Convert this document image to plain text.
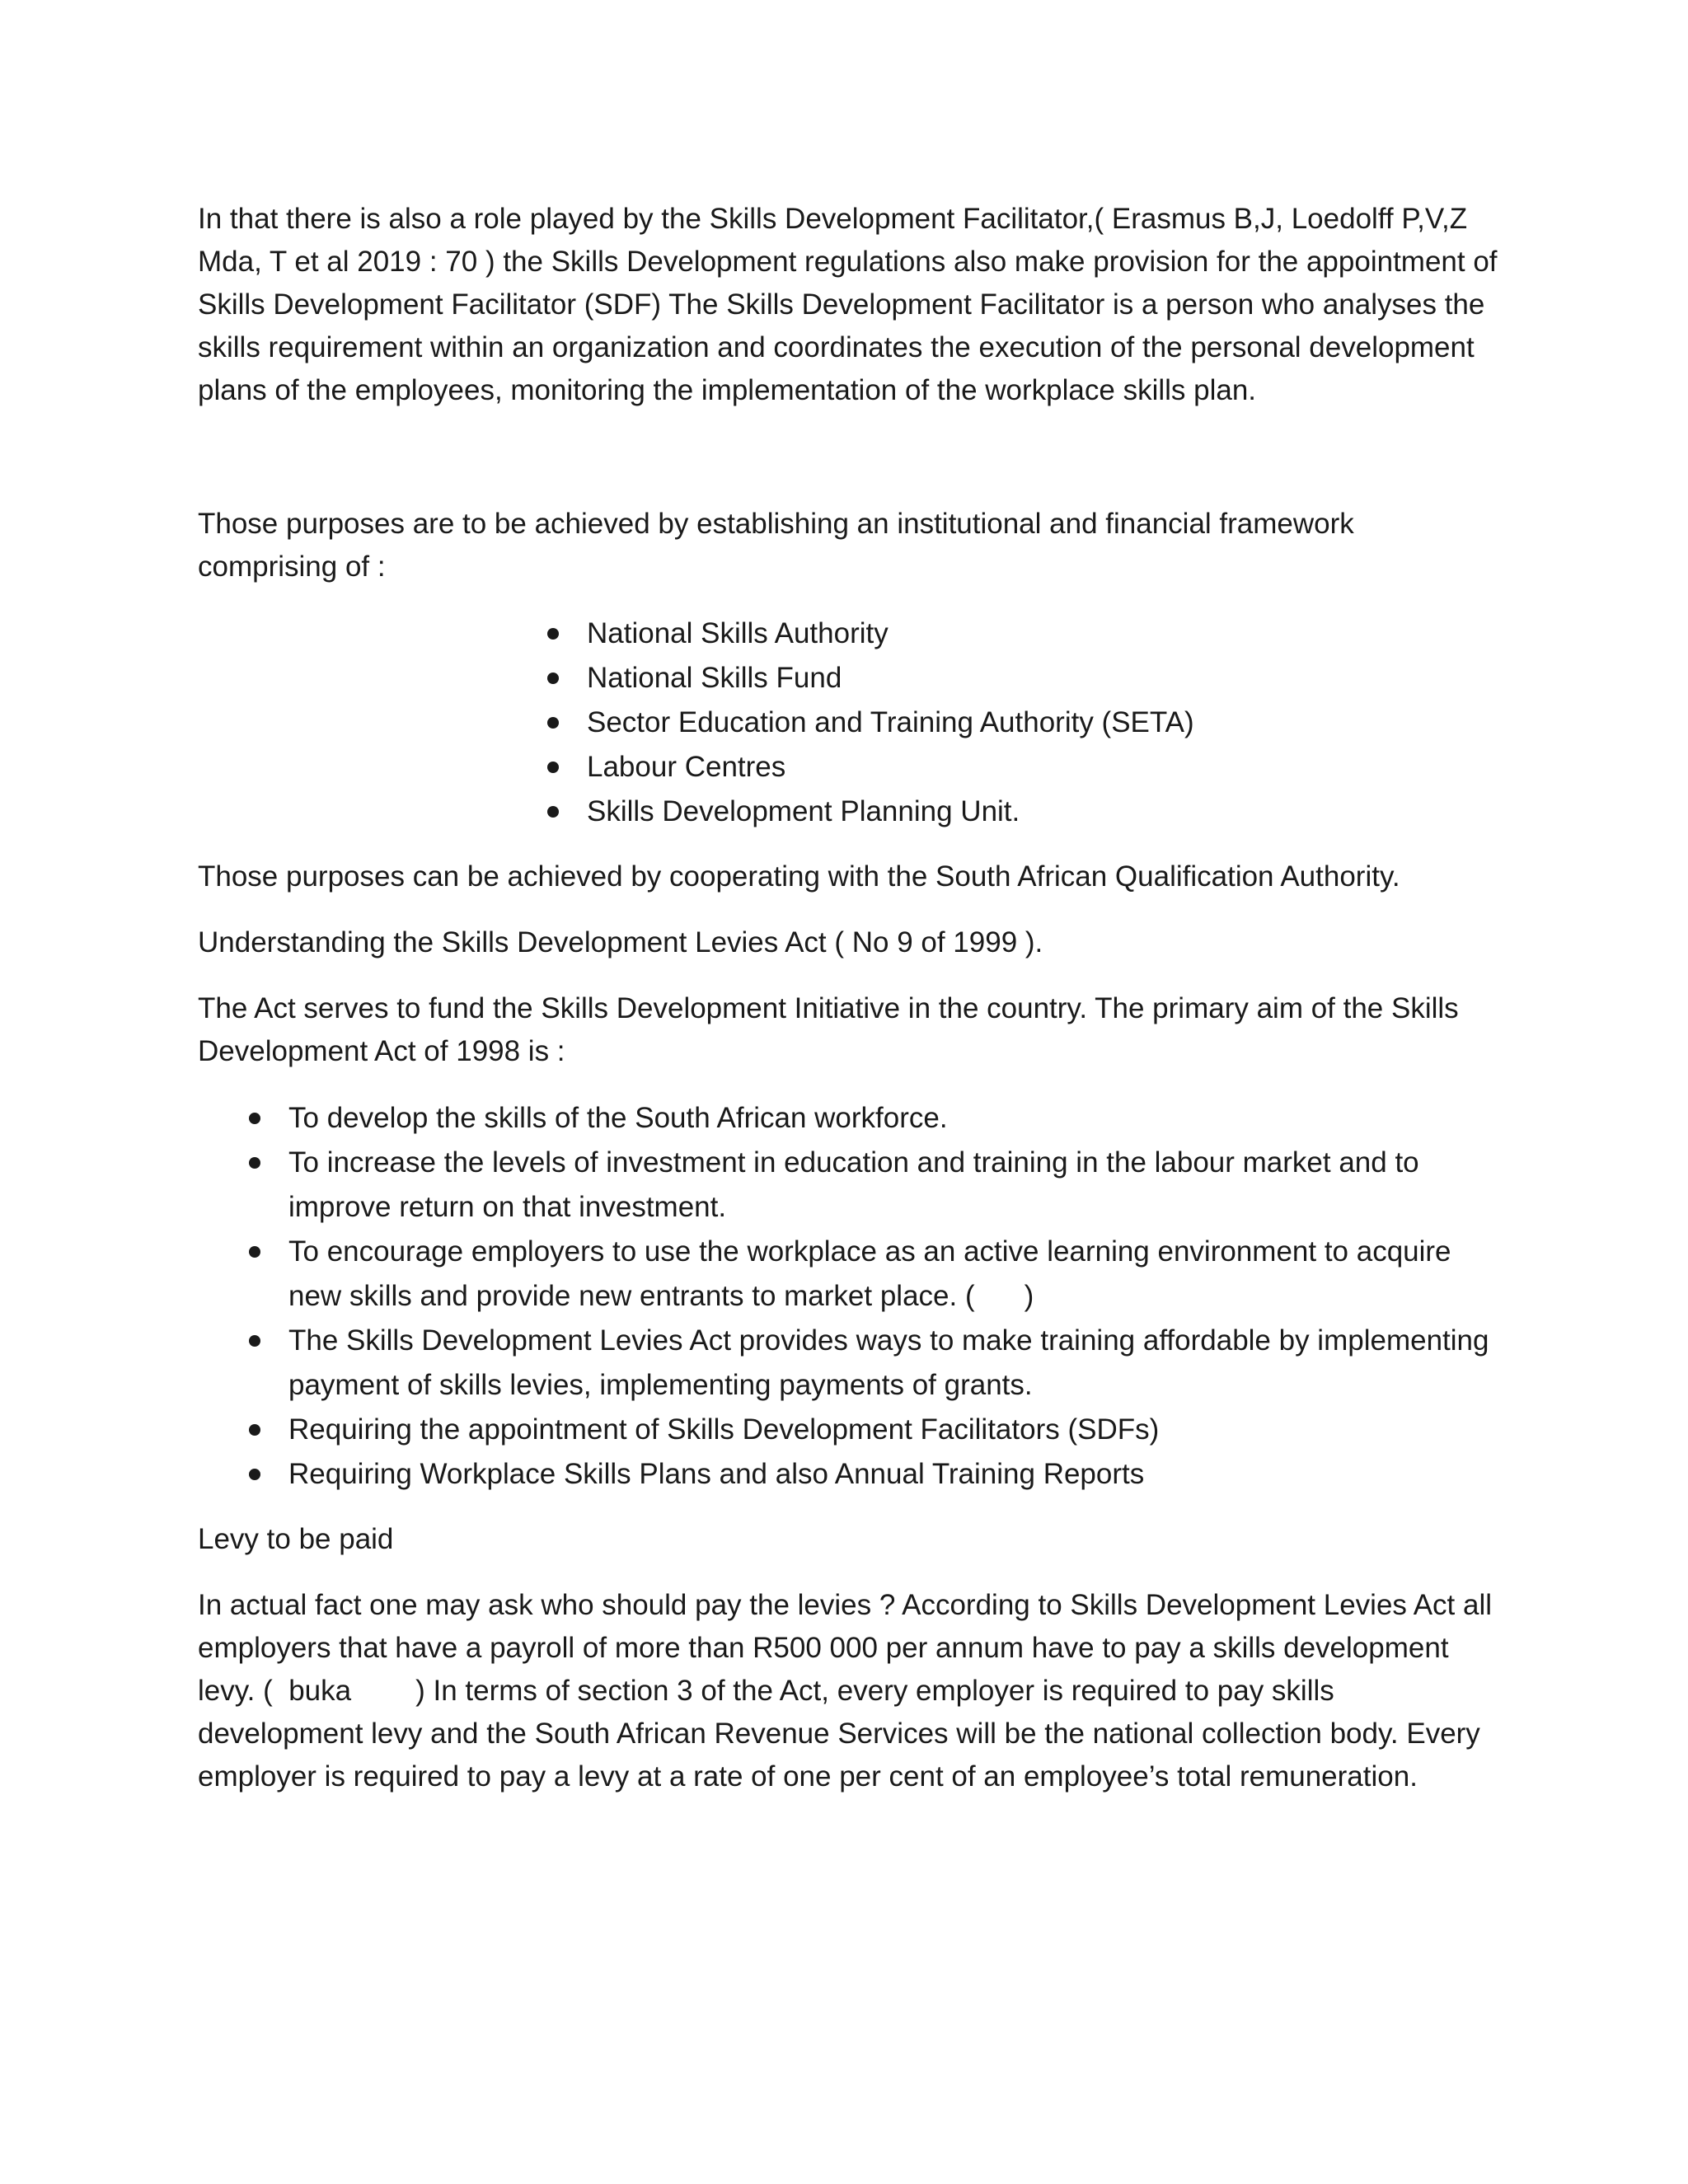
In that there is also a role played by the Skills Development Facilitator,( Erasmus B,J, Loedolff P,V,Z Mda, T et al 2019 : 70 ) the Skills Development regulations also make provision for the appointment of Skills Development Facilitator (SDF) The Skills Development Facilitator is a person who analyses the skills requirement within an organization and coordinates the execution of the personal development plans of the employees, monitoring the implementation of the workplace skills plan.

Those purposes are to be achieved by establishing an institutional and financial framework comprising of :

National Skills Authority
National Skills Fund
Sector Education and Training Authority (SETA)
Labour Centres
Skills Development Planning Unit.

Those purposes can be achieved by cooperating with the South African Qualification Authority.

Understanding the Skills Development Levies Act ( No 9 of 1999 ).

The Act serves to fund the Skills Development Initiative in the country. The primary aim of the Skills Development Act of 1998 is :

To develop the skills of the South African workforce.
To increase the levels of investment in education and training in the labour market and to improve return on that investment.
To encourage employers to use the workplace as an active learning environment to acquire new skills and provide new entrants to market place. ( )
The Skills Development Levies Act provides ways to make training affordable by implementing payment of skills levies, implementing payments of grants.
Requiring the appointment of Skills Development Facilitators (SDFs)
Requiring Workplace Skills Plans and also Annual Training Reports

Levy to be paid

In actual fact one may ask who should pay the levies ? According to Skills Development Levies Act all employers that have a payroll of more than R500 000 per annum have to pay a skills development levy. ( buka ) In terms of section 3 of the Act, every employer is required to pay skills development levy and the South African Revenue Services will be the national collection body. Every employer is required to pay a levy at a rate of one per cent of an employee’s total remuneration.
